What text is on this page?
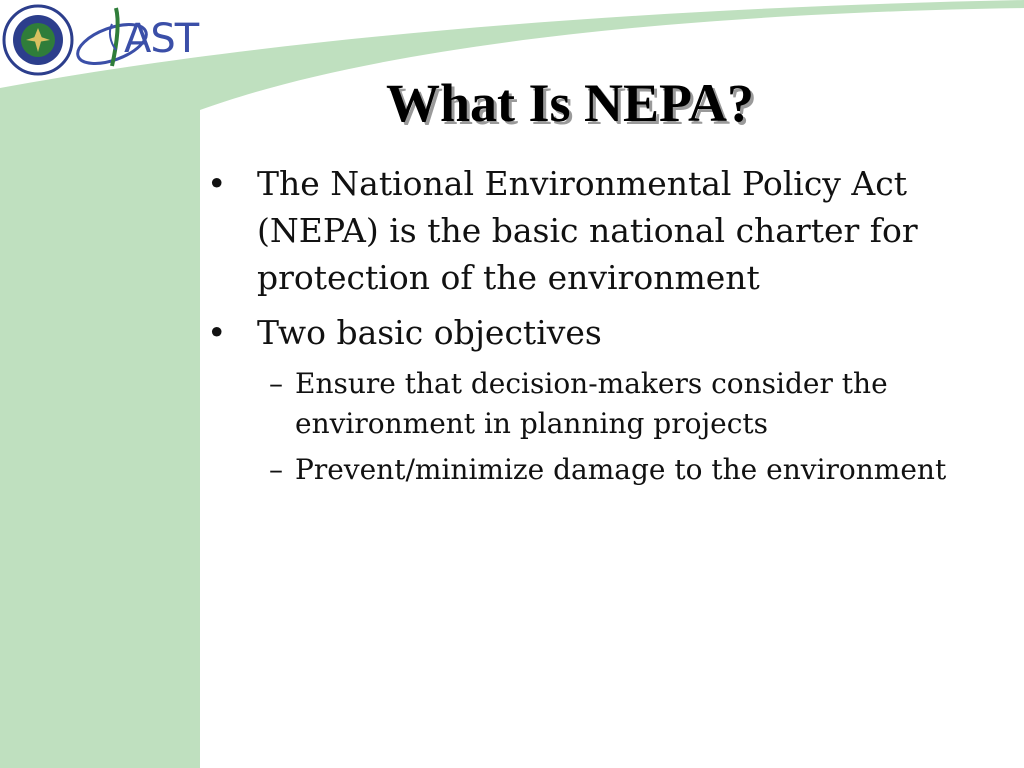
AST
What Is NEPA?
• The National Environmental Policy Act (NEPA) is the basic national charter for protection of the environment
• Two basic objectives
– Ensure that decision-makers consider the environment in planning projects
– Prevent/minimize damage to the environment
